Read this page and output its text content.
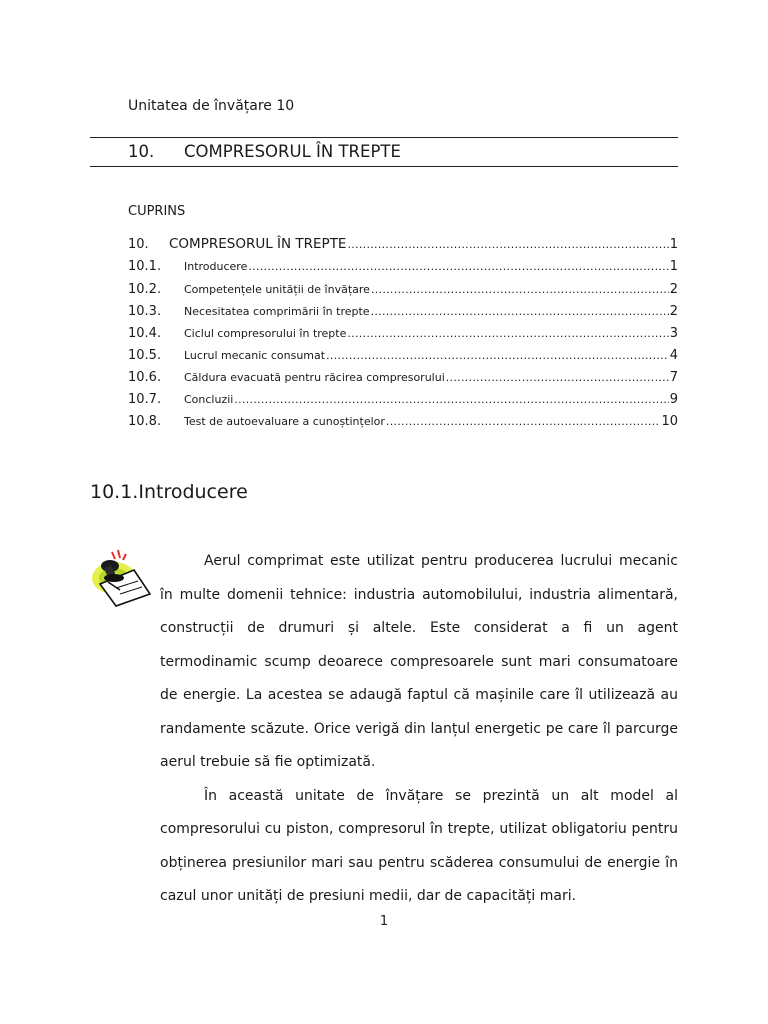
Unitatea de învățare 10
10. COMPRESORUL ÎN TREPTE
CUPRINS
10.	COMPRESORUL ÎN TREPTE .....	1
10.1.	Introducere .....	1
10.2.	Competențele unității de învățare .....	2
10.3.	Necesitatea comprimării în trepte .....	2
10.4.	Ciclul compresorului în trepte .....	3
10.5.	Lucrul mecanic consumat .....	4
10.6.	Căldura evacuată pentru răcirea compresorului .....	7
10.7.	Concluzii .....	9
10.8.	Test de autoevaluare a cunoștințelor .....	10
10.1.Introducere

Aerul comprimat este utilizat pentru producerea lucrului mecanic în multe domenii tehnice: industria automobilului, industria alimentară, construcții de drumuri și altele. Este considerat a fi un agent termodinamic scump deoarece compresoarele sunt mari consumatoare de energie. La acestea se adaugă faptul că mașinile care îl utilizează au randamente scăzute. Orice verigă din lanțul energetic pe care îl parcurge aerul trebuie să fie optimizată.

În această unitate de învățare se prezintă un alt model al compresorului cu piston, compresorul în trepte, utilizat obligatoriu pentru obținerea presiunilor mari sau pentru scăderea consumului de energie în cazul unor unități de presiuni medii, dar de capacități mari.

1
